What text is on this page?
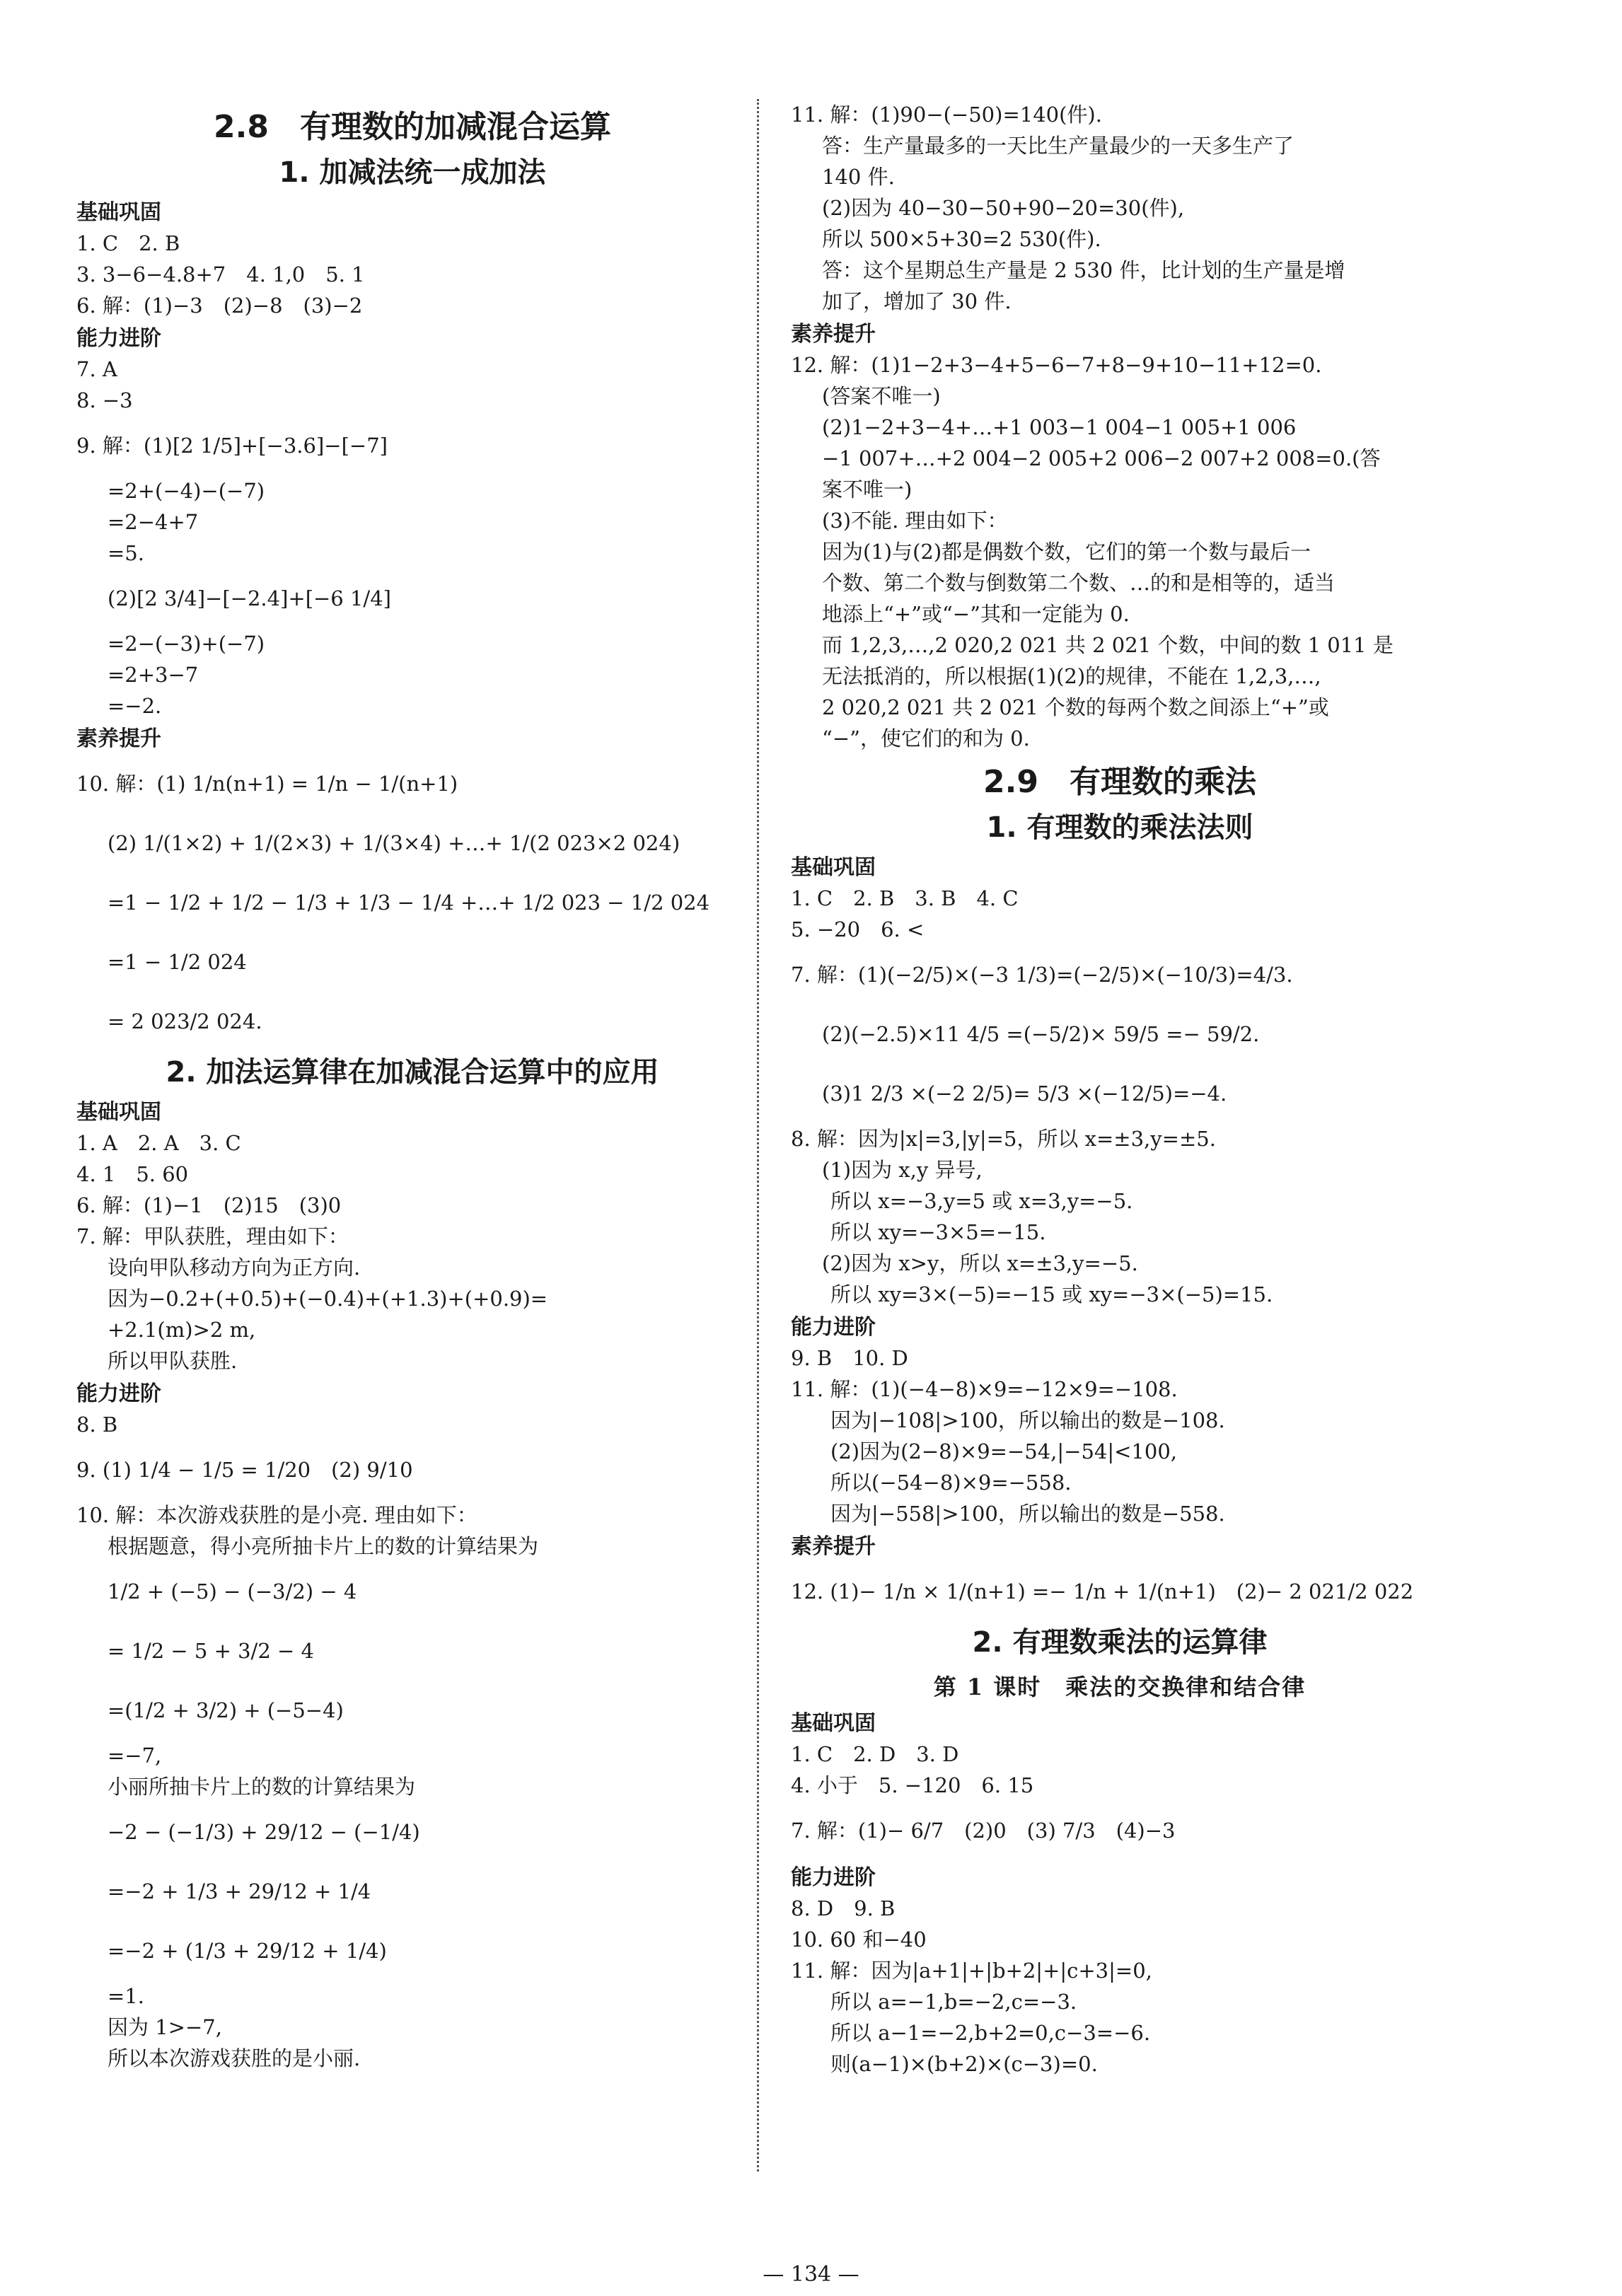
2.8　有理数的加减混合运算
1. 加减法统一成加法
基础巩固
1. C　2. B
3. 3−6−4.8+7　4. 1,0　5. 1
6. 解：(1)−3　(2)−8　(3)−2
能力进阶
7. A
8. −3
9. 解：(1)[2 1/5]+[−3.6]−[−7]
=2+(−4)−(−7)
=2−4+7
=5.
(2)[2 3/4]−[−2.4]+[−6 1/4]
=2−(−3)+(−7)
=2+3−7
=−2.
素养提升
10. 解：(1) 1/n(n+1) = 1/n − 1/(n+1)
(2) 1/(1×2) + 1/(2×3) + 1/(3×4) +…+ 1/(2 023×2 024)
=1 − 1/2 + 1/2 − 1/3 + 1/3 − 1/4 +…+ 1/2 023 − 1/2 024
=1 − 1/2 024
= 2 023/2 024.
2. 加法运算律在加减混合运算中的应用
基础巩固
1. A　2. A　3. C
4. 1　5. 60
6. 解：(1)−1　(2)15　(3)0
7. 解：甲队获胜，理由如下：
设向甲队移动方向为正方向.
因为−0.2+(+0.5)+(−0.4)+(+1.3)+(+0.9)=
+2.1(m)>2 m,
所以甲队获胜.
能力进阶
8. B
9. (1) 1/4 − 1/5 = 1/20　(2) 9/10
10. 解：本次游戏获胜的是小亮. 理由如下：
根据题意，得小亮所抽卡片上的数的计算结果为
1/2 + (−5) − (−3/2) − 4
= 1/2 − 5 + 3/2 − 4
=(1/2 + 3/2) + (−5−4)
=−7,
小丽所抽卡片上的数的计算结果为
−2 − (−1/3) + 29/12 − (−1/4)
=−2 + 1/3 + 29/12 + 1/4
=−2 + (1/3 + 29/12 + 1/4)
=1.
因为 1>−7,
所以本次游戏获胜的是小丽.
11. 解：(1)90−(−50)=140(件).
答：生产量最多的一天比生产量最少的一天多生产了
140 件.
(2)因为 40−30−50+90−20=30(件),
所以 500×5+30=2 530(件).
答：这个星期总生产量是 2 530 件，比计划的生产量是增
加了，增加了 30 件.
素养提升
12. 解：(1)1−2+3−4+5−6−7+8−9+10−11+12=0.
(答案不唯一)
(2)1−2+3−4+…+1 003−1 004−1 005+1 006
−1 007+…+2 004−2 005+2 006−2 007+2 008=0.(答
案不唯一)
(3)不能. 理由如下：
因为(1)与(2)都是偶数个数，它们的第一个数与最后一
个数、第二个数与倒数第二个数、…的和是相等的，适当
地添上“+”或“−”其和一定能为 0.
而 1,2,3,…,2 020,2 021 共 2 021 个数，中间的数 1 011 是
无法抵消的，所以根据(1)(2)的规律，不能在 1,2,3,…,
2 020,2 021 共 2 021 个数的每两个数之间添上“+”或
“−”，使它们的和为 0.
2.9　有理数的乘法
1. 有理数的乘法法则
基础巩固
1. C　2. B　3. B　4. C
5. −20　6. <
7. 解：(1)(−2/5)×(−3 1/3)=(−2/5)×(−10/3)=4/3.
(2)(−2.5)×11 4/5 =(−5/2)× 59/5 =− 59/2.
(3)1 2/3 ×(−2 2/5)= 5/3 ×(−12/5)=−4.
8. 解：因为|x|=3,|y|=5，所以 x=±3,y=±5.
(1)因为 x,y 异号,
所以 x=−3,y=5 或 x=3,y=−5.
所以 xy=−3×5=−15.
(2)因为 x>y，所以 x=±3,y=−5.
所以 xy=3×(−5)=−15 或 xy=−3×(−5)=15.
能力进阶
9. B　10. D
11. 解：(1)(−4−8)×9=−12×9=−108.
因为|−108|>100，所以输出的数是−108.
(2)因为(2−8)×9=−54,|−54|<100,
所以(−54−8)×9=−558.
因为|−558|>100，所以输出的数是−558.
素养提升
12. (1)− 1/n × 1/(n+1) =− 1/n + 1/(n+1)　(2)− 2 021/2 022
2. 有理数乘法的运算律
第 1 课时　乘法的交换律和结合律
基础巩固
1. C　2. D　3. D
4. 小于　5. −120　6. 15
7. 解：(1)− 6/7　(2)0　(3) 7/3　(4)−3
能力进阶
8. D　9. B
10. 60 和−40
11. 解：因为|a+1|+|b+2|+|c+3|=0,
所以 a=−1,b=−2,c=−3.
所以 a−1=−2,b+2=0,c−3=−6.
则(a−1)×(b+2)×(c−3)=0.
— 134 —
